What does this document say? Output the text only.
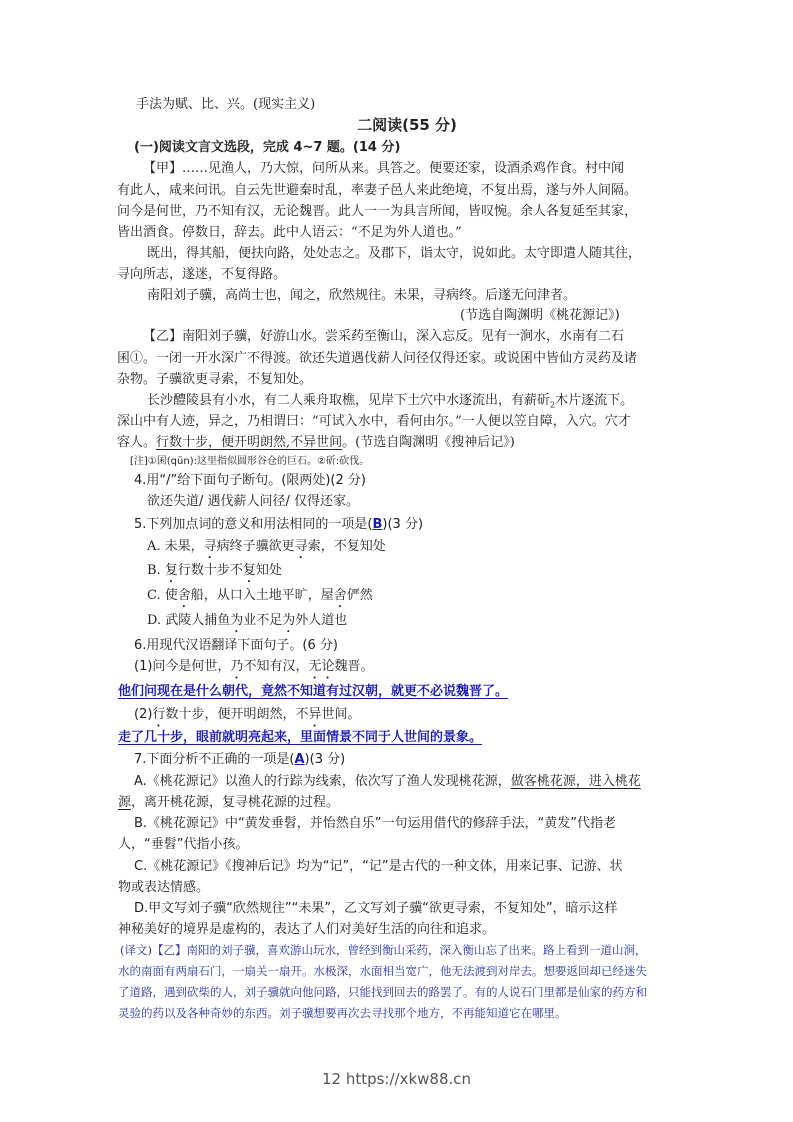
手法为赋、比、兴。(现实主义)
二阅读(55 分)
(一)阅读文言文选段，完成 4~7 题。(14 分)
【甲】……见渔人，乃大惊，问所从来。具答之。便要还家，设酒杀鸡作食。村中闻
有此人，咸来问讯。自云先世避秦时乱，率妻子邑人来此绝境，不复出焉，遂与外人间隔。
问今是何世，乃不知有汉，无论魏晋。此人一一为具言所闻，皆叹惋。余人各复延至其家，
皆出酒食。停数日，辞去。此中人语云：“不足为外人道也。”
既出，得其船，便扶向路，处处志之。及郡下，诣太守，说如此。太守即遣人随其往，
寻向所志，遂迷，不复得路。
南阳刘子骥，高尚士也，闻之，欣然规往。未果，寻病终。后遂无问津者。
(节选自陶渊明《桃花源记》)
【乙】南阳刘子骥，好游山水。尝采药至衡山，深入忘反。见有一涧水，水南有二石
囷①。一闭一开水深广不得渡。欲还失道遇伐薪人问径仅得还家。或说囷中皆仙方灵药及诸
杂物。子骥欲更寻索，不复知处。
长沙醴陵县有小水，有二人乘舟取樵，见岸下土穴中水逐流出，有薪斫$_2$木片逐流下。
深山中有人迹，异之，乃相谓曰：“可试入水中，看何由尔。”一人便以笠自障，入穴。穴才
容人。行数十步，便开明朗然,不异世间。(节选自陶渊明《搜神后记》)
[注]①囷(qūn):这里指似圆形谷仓的巨石。②斫:砍伐。
4.用“/”给下面句子断句。(限两处)(2 分)
欲还失道/ 遇伐薪人问径/ 仅得还家。
5.下列加点词的意义和用法相同的一项是(B)(3 分)
A. 未果，寻病终子骥欲更寻索，不复知处
B. 复行数十步不复知处
C. 使舍船，从口入土地平旷，屋舍俨然
D. 武陵人捕鱼为业不足为外人道也
6.用现代汉语翻译下面句子。(6 分)
(1)问今是何世，乃不知有汉，无论魏晋。
他们问现在是什么朝代，竟然不知道有过汉朝，就更不必说魏晋了。
(2)行数十步，便开明朗然，不异世间。
走了几十步，眼前就明亮起来，里面情景不同于人世间的景象。
7.下面分析不正确的一项是(A)(3 分)
A.《桃花源记》以渔人的行踪为线索，依次写了渔人发现桃花源，做客桃花源，进入桃花
源，离开桃花源，复寻桃花源的过程。
B.《桃花源记》中“黄发垂髫，并怡然自乐”一句运用借代的修辞手法，“黄发”代指老
人，“垂髫”代指小孩。
C.《桃花源记》《搜神后记》均为“记”，“记”是古代的一种文体，用来记事、记游、状
物或表达情感。
D.甲文写刘子骥“欣然规往”“未果”，乙文写刘子骥“欲更寻索，不复知处”，暗示这样
神秘美好的境界是虚构的，表达了人们对美好生活的向往和追求。
(译文)【乙】南阳的刘子骥，喜欢游山玩水，曾经到衡山采药，深入衡山忘了出来。路上看到一道山涧，
水的南面有两扇石门，一扇关一扇开。水极深，水面相当宽广，他无法渡到对岸去。想要返回却已经迷失
了道路，遇到砍柴的人，刘子骥就向他问路，只能找到回去的路罢了。有的人说石门里都是仙家的药方和
灵验的药以及各种奇妙的东西。刘子骥想要再次去寻找那个地方，不再能知道它在哪里。
12 https://xkw88.cn
